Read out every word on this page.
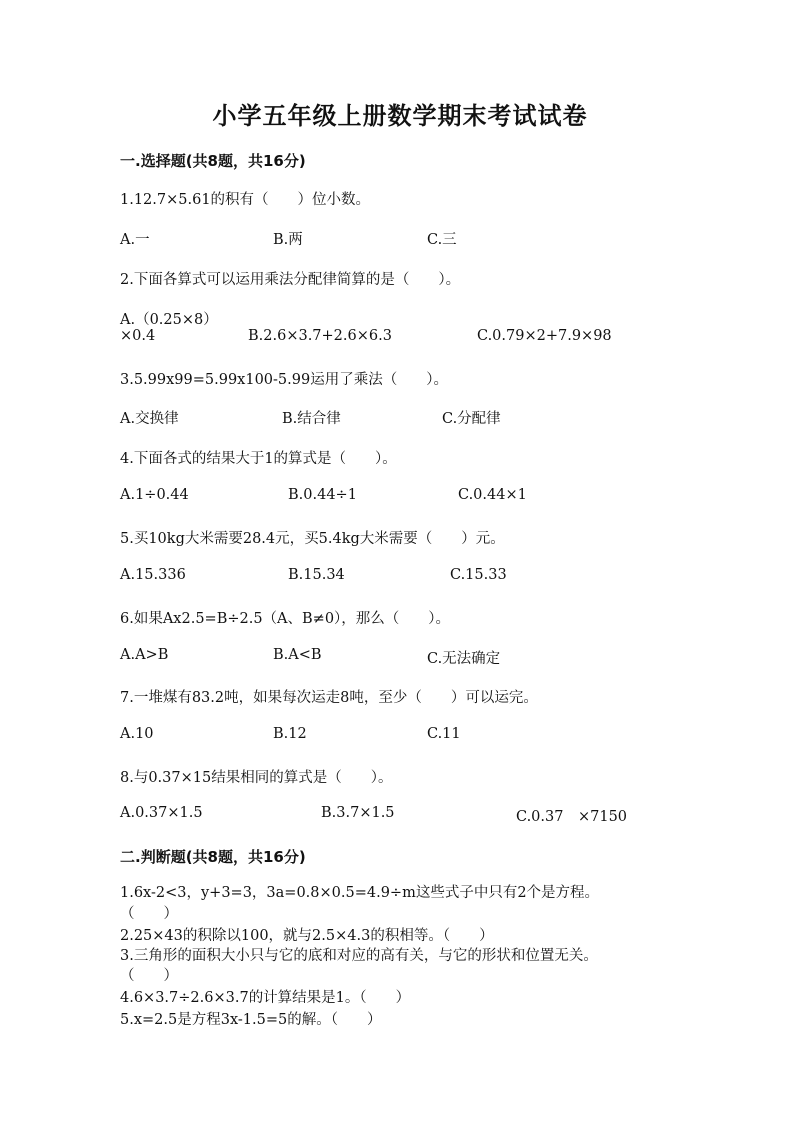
小学五年级上册数学期末考试试卷
一.选择题(共8题，共16分)
1.12.7×5.61的积有（　　）位小数。
A.一	B.两	C.三
2.下面各算式可以运用乘法分配律简算的是（　　）。
A.（0.25×8）
×0.4	B.2.6×3.7+2.6×6.3	C.0.79×2+7.9×98
3.5.99x99=5.99x100-5.99运用了乘法（　　）。
A.交换律	B.结合律	C.分配律
4.下面各式的结果大于1的算式是（　　）。
A.1÷0.44	B.0.44÷1	C.0.44×1
5.买10kg大米需要28.4元，买5.4kg大米需要（　　）元。
A.15.336	B.15.34	C.15.33
6.如果Ax2.5=B÷2.5（A、B≠0），那么（　　）。
A.A>B	B.A<B	C.无法确定
7.一堆煤有83.2吨，如果每次运走8吨，至少（　　）可以运完。
A.10	B.12	C.11
8.与0.37×15结果相同的算式是（　　）。
A.0.37×1.5	B.3.7×1.5	C.0.37　×7150
二.判断题(共8题，共16分)
1.6x-2<3，y+3=3，3a=0.8×0.5=4.9÷m这些式子中只有2个是方程。
（　　）
2.25×43的积除以100，就与2.5×4.3的积相等。（　　）
3.三角形的面积大小只与它的底和对应的高有关，与它的形状和位置无关。
（　　）
4.6×3.7÷2.6×3.7的计算结果是1。（　　）
5.x=2.5是方程3x-1.5=5的解。（　　）
